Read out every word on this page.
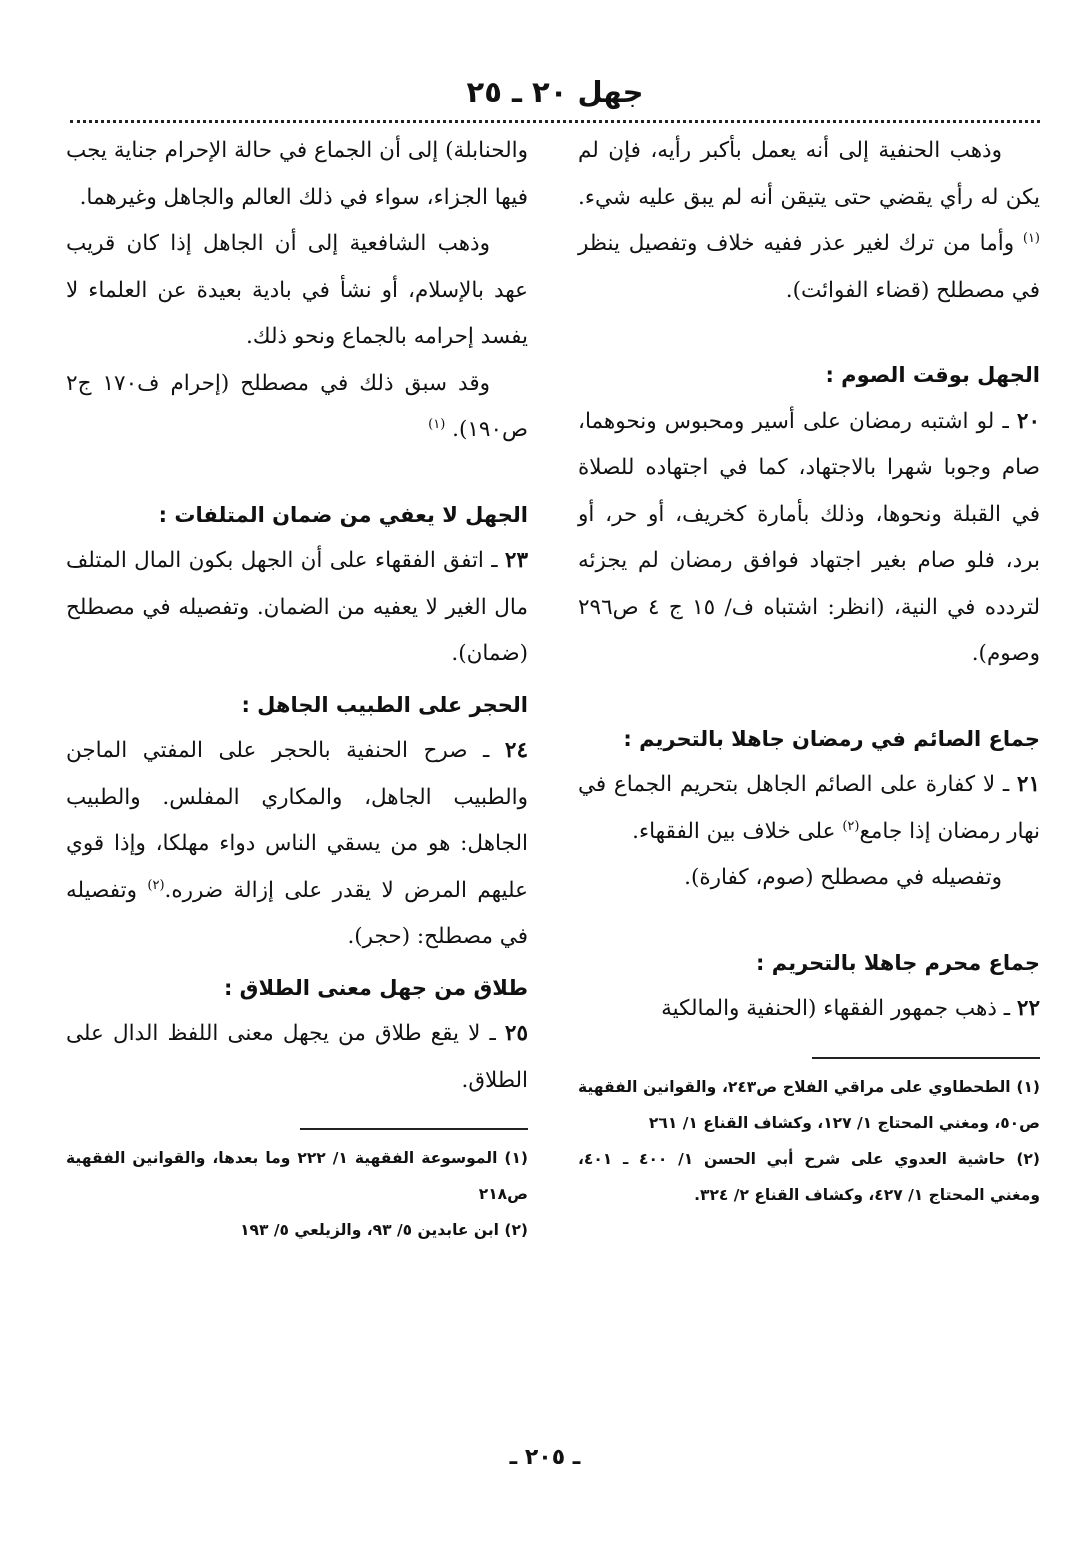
جهل ٢٠ ـ ٢٥

وذهب الحنفية إلى أنه يعمل بأكبر رأيه، فإن لم يكن له رأي يقضي حتى يتيقن أنه لم يبق عليه شيء.$^{(١)}$ وأما من ترك لغير عذر ففيه خلاف وتفصيل ينظر في مصطلح (قضاء الفوائت).

الجهل بوقت الصوم :

٢٠ ـ لو اشتبه رمضان على أسير ومحبوس ونحوهما، صام وجوبا شهرا بالاجتهاد، كما في اجتهاده للصلاة في القبلة ونحوها، وذلك بأمارة كخريف، أو حر، أو برد، فلو صام بغير اجتهاد فوافق رمضان لم يجزئه لتردده في النية، (انظر: اشتباه ف/ ١٥ ج ٤ ص٢٩٦ وصوم).

جماع الصائم في رمضان جاهلا بالتحريم :

٢١ ـ لا كفارة على الصائم الجاهل بتحريم الجماع في نهار رمضان إذا جامع$^{(٢)}$ على خلاف بين الفقهاء.

وتفصيله في مصطلح (صوم، كفارة).

جماع محرم جاهلا بالتحريم :

٢٢ ـ ذهب جمهور الفقهاء (الحنفية والمالكية

(١) الطحطاوي على مراقي الفلاح ص٢٤٣، والقوانين الفقهية ص٥٠، ومغني المحتاج ١/ ١٢٧، وكشاف القناع ١/ ٢٦١

(٢) حاشية العدوي على شرح أبي الحسن ١/ ٤٠٠ ـ ٤٠١، ومغني المحتاج ١/ ٤٢٧، وكشاف القناع ٢/ ٣٢٤.

والحنابلة) إلى أن الجماع في حالة الإحرام جناية يجب فيها الجزاء، سواء في ذلك العالم والجاهل وغيرهما.

وذهب الشافعية إلى أن الجاهل إذا كان قريب عهد بالإسلام، أو نشأ في بادية بعيدة عن العلماء لا يفسد إحرامه بالجماع ونحو ذلك.

وقد سبق ذلك في مصطلح (إحرام ف١٧٠ ج٢ ص١٩٠). $^{(١)}$

الجهل لا يعفي من ضمان المتلفات :

٢٣ ـ اتفق الفقهاء على أن الجهل بكون المال المتلف مال الغير لا يعفيه من الضمان. وتفصيله في مصطلح (ضمان).

الحجر على الطبيب الجاهل :

٢٤ ـ صرح الحنفية بالحجر على المفتي الماجن والطبيب الجاهل، والمكاري المفلس. والطبيب الجاهل: هو من يسقي الناس دواء مهلكا، وإذا قوي عليهم المرض لا يقدر على إزالة ضرره.$^{(٢)}$ وتفصيله في مصطلح: (حجر).

طلاق من جهل معنى الطلاق :

٢٥ ـ لا يقع طلاق من يجهل معنى اللفظ الدال على الطلاق.

(١) الموسوعة الفقهية ١/ ٢٢٢ وما بعدها، والقوانين الفقهية ص٢١٨

(٢) ابن عابدين ٥/ ٩٣، والزيلعي ٥/ ١٩٣

ـ ٢٠٥ ـ
